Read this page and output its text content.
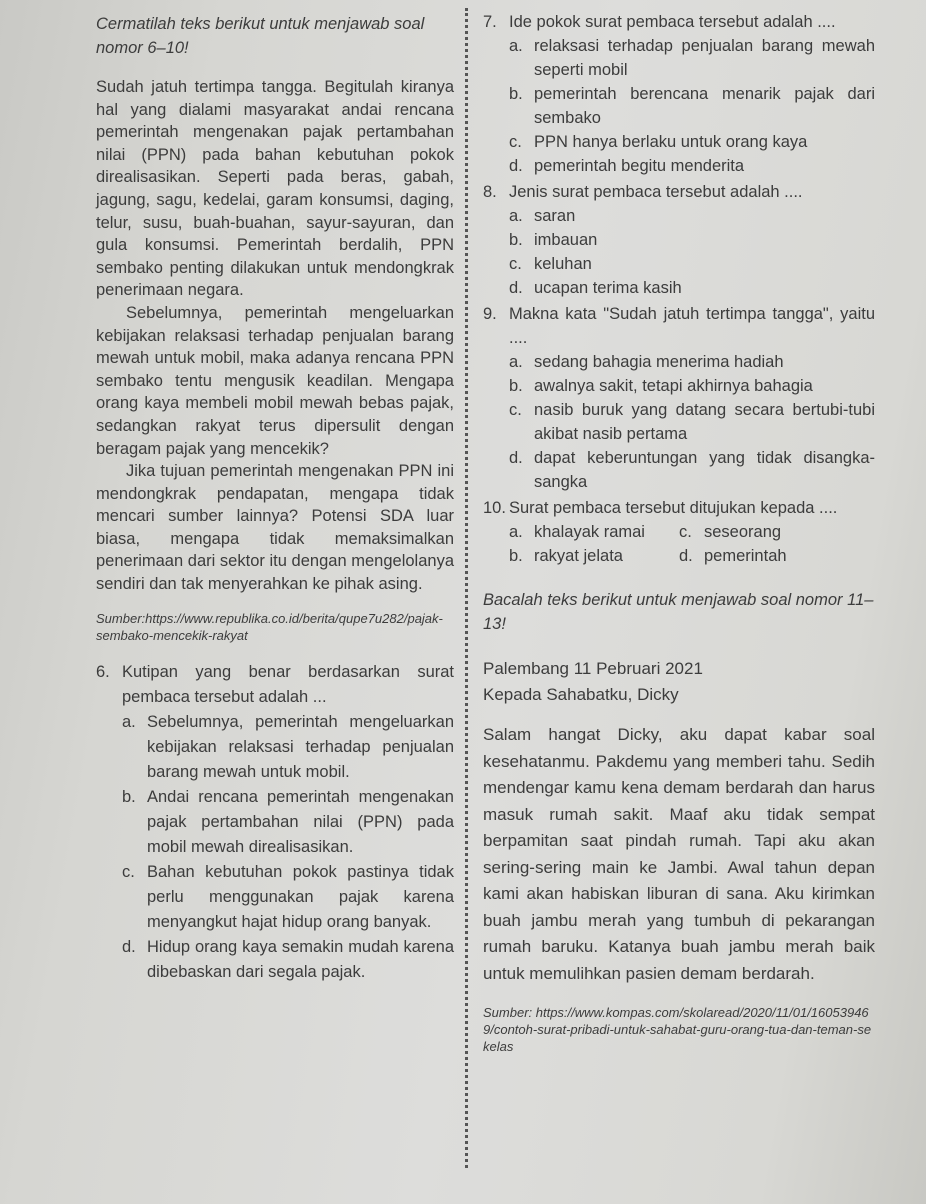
Cermatilah teks berikut untuk menjawab soal nomor 6–10!

Sudah jatuh tertimpa tangga. Begitulah kiranya hal yang dialami masyarakat andai rencana pemerintah mengenakan pajak pertambahan nilai (PPN) pada bahan kebutuhan pokok direalisasikan. Seperti pada beras, gabah, jagung, sagu, kedelai, garam konsumsi, daging, telur, susu, buah-buahan, sayur-sayuran, dan gula konsumsi. Pemerintah berdalih, PPN sembako penting dilakukan untuk mendongkrak penerimaan negara.

Sebelumnya, pemerintah mengeluarkan kebijakan relaksasi terhadap penjualan barang mewah untuk mobil, maka adanya rencana PPN sembako tentu mengusik keadilan. Mengapa orang kaya membeli mobil mewah bebas pajak, sedangkan rakyat terus dipersulit dengan beragam pajak yang mencekik?

Jika tujuan pemerintah mengenakan PPN ini mendongkrak pendapatan, mengapa tidak mencari sumber lainnya? Potensi SDA luar biasa, mengapa tidak memaksimalkan penerimaan dari sektor itu dengan mengelolanya sendiri dan tak menyerahkan ke pihak asing.

Sumber:https://www.republika.co.id/berita/qupe7u282/pajak-sembako-mencekik-rakyat

6. Kutipan yang benar berdasarkan surat pembaca tersebut adalah ...
a. Sebelumnya, pemerintah mengeluarkan kebijakan relaksasi terhadap penjualan barang mewah untuk mobil.
b. Andai rencana pemerintah mengenakan pajak pertambahan nilai (PPN) pada mobil mewah direalisasikan.
c. Bahan kebutuhan pokok pastinya tidak perlu menggunakan pajak karena menyangkut hajat hidup orang banyak.
d. Hidup orang kaya semakin mudah karena dibebaskan dari segala pajak.
7. Ide pokok surat pembaca tersebut adalah ....
a. relaksasi terhadap penjualan barang mewah seperti mobil
b. pemerintah berencana menarik pajak dari sembako
c. PPN hanya berlaku untuk orang kaya
d. pemerintah begitu menderita
8. Jenis surat pembaca tersebut adalah ....
a. saran
b. imbauan
c. keluhan
d. ucapan terima kasih
9. Makna kata "Sudah jatuh tertimpa tangga", yaitu ....
a. sedang bahagia menerima hadiah
b. awalnya sakit, tetapi akhirnya bahagia
c. nasib buruk yang datang secara bertubi-tubi akibat nasib pertama
d. dapat keberuntungan yang tidak disangka-sangka
10. Surat pembaca tersebut ditujukan kepada ....
a. khalayak ramai	c. seseorang
b. rakyat jelata	d. pemerintah

Bacalah teks berikut untuk menjawab soal nomor 11–13!

Palembang 11 Pebruari 2021
Kepada Sahabatku, Dicky

Salam hangat Dicky, aku dapat kabar soal kesehatanmu. Pakdemu yang memberi tahu. Sedih mendengar kamu kena demam berdarah dan harus masuk rumah sakit. Maaf aku tidak sempat berpamitan saat pindah rumah. Tapi aku akan sering-sering main ke Jambi. Awal tahun depan kami akan habiskan liburan di sana. Aku kirimkan buah jambu merah yang tumbuh di pekarangan rumah baruku. Katanya buah jambu merah baik untuk memulihkan pasien demam berdarah.

Sumber: https://www.kompas.com/skolaread/2020/11/01/160539469/contoh-surat-pribadi-untuk-sahabat-guru-orang-tua-dan-teman-sekelas
